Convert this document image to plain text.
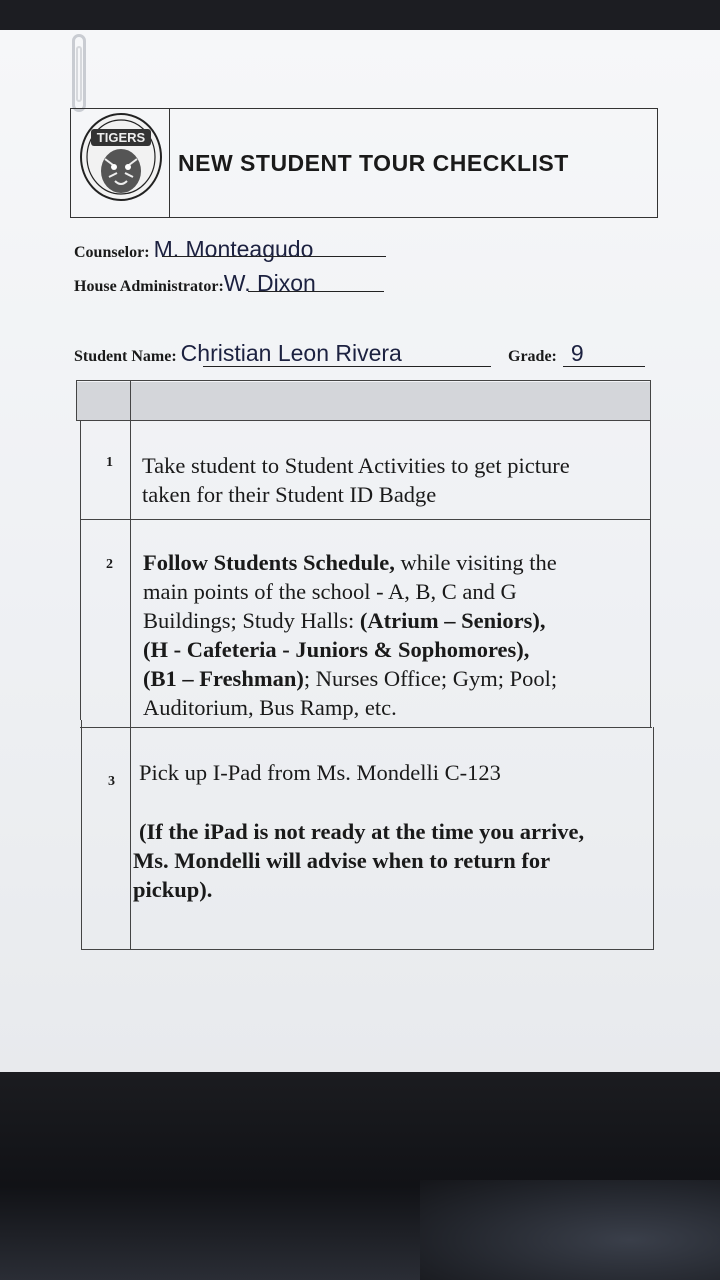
TIGERS
NEW STUDENT TOUR CHECKLIST
Counselor: M. Monteagudo
House Administrator:W. Dixon
Student Name: Christian Leon Rivera	Grade: 9
1 Take student to Student Activities to get picture
taken for their Student ID Badge
2 Follow Students Schedule, while visiting the
main points of the school - A, B, C and G
Buildings; Study Halls: (Atrium – Seniors),
(H - Cafeteria - Juniors & Sophomores),
(B1 – Freshman); Nurses Office; Gym; Pool;
Auditorium, Bus Ramp, etc.
3 Pick up I-Pad from Ms. Mondelli C-123
(If the iPad is not ready at the time you arrive,
Ms. Mondelli will advise when to return for
pickup).
